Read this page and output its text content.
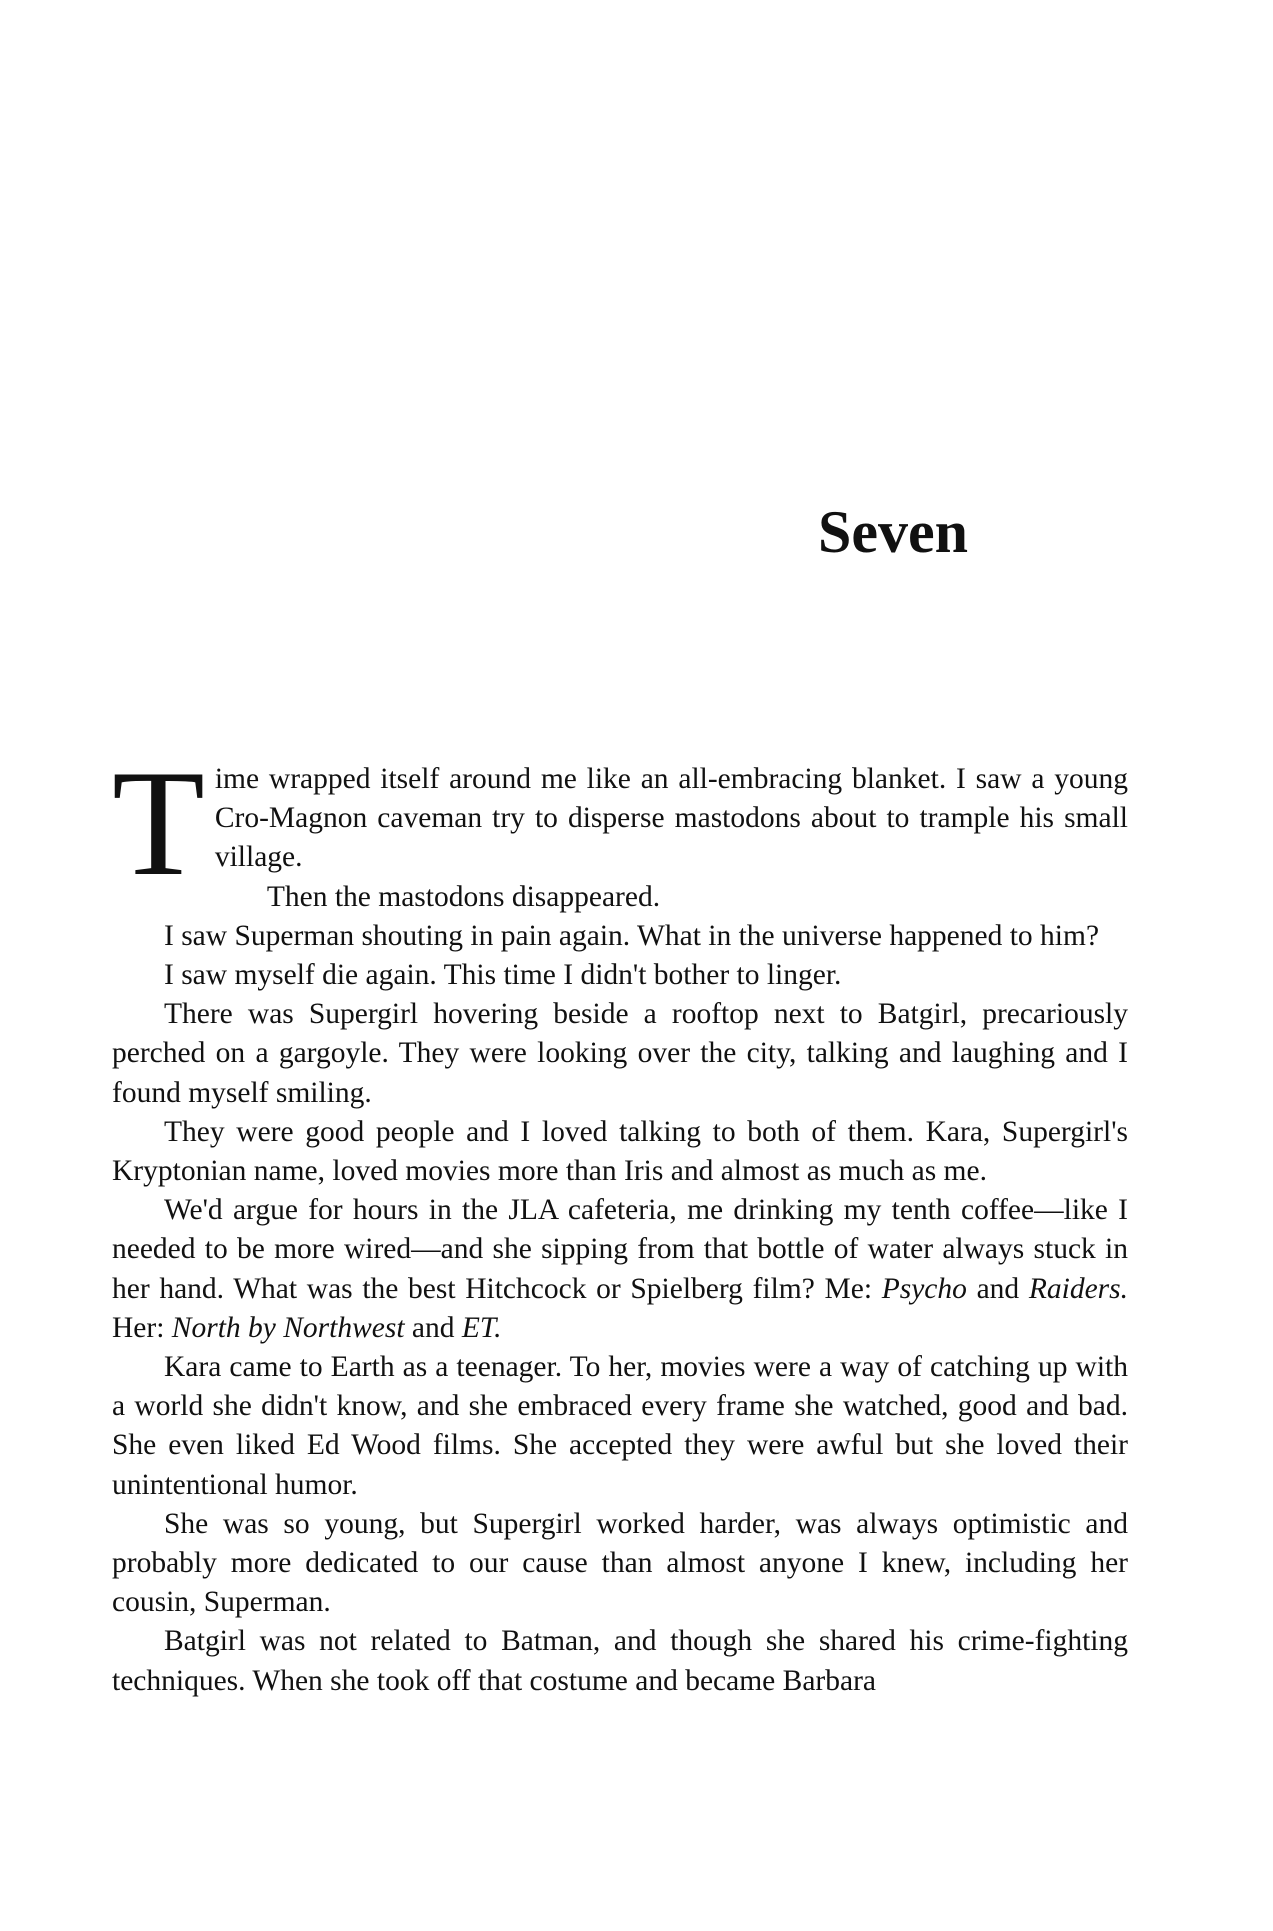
Seven

Time wrapped itself around me like an all-embracing blanket. I saw a young Cro-Magnon caveman try to disperse mastodons about to trample his small village.

Then the mastodons disappeared.

I saw Superman shouting in pain again. What in the universe happened to him?

I saw myself die again. This time I didn't bother to linger.

There was Supergirl hovering beside a rooftop next to Batgirl, precariously perched on a gargoyle. They were looking over the city, talking and laughing and I found myself smiling.

They were good people and I loved talking to both of them. Kara, Supergirl's Kryptonian name, loved movies more than Iris and almost as much as me.

We'd argue for hours in the JLA cafeteria, me drinking my tenth coffee—like I needed to be more wired—and she sipping from that bottle of water always stuck in her hand. What was the best Hitchcock or Spielberg film? Me: Psycho and Raiders. Her: North by Northwest and ET.

Kara came to Earth as a teenager. To her, movies were a way of catching up with a world she didn't know, and she embraced every frame she watched, good and bad. She even liked Ed Wood films. She accepted they were awful but she loved their unintentional humor.

She was so young, but Supergirl worked harder, was always optimistic and probably more dedicated to our cause than almost anyone I knew, including her cousin, Superman.

Batgirl was not related to Batman, and though she shared his crime-fighting techniques. When she took off that costume and became Barbara
